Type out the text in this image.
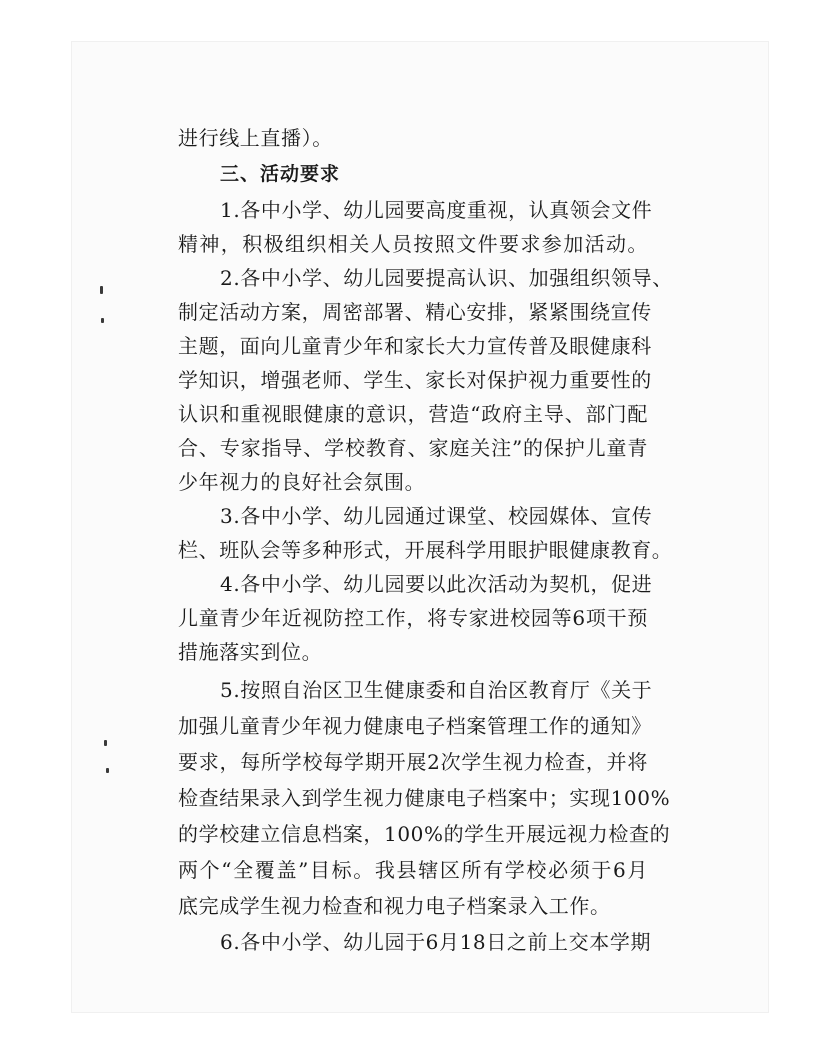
进行线上直播）。
三、活动要求
1.各中小学、幼儿园要高度重视，认真领会文件
精神，积极组织相关人员按照文件要求参加活动。
2.各中小学、幼儿园要提高认识、加强组织领导、
制定活动方案，周密部署、精心安排，紧紧围绕宣传
主题，面向儿童青少年和家长大力宣传普及眼健康科
学知识，增强老师、学生、家长对保护视力重要性的
认识和重视眼健康的意识，营造“政府主导、部门配
合、专家指导、学校教育、家庭关注”的保护儿童青
少年视力的良好社会氛围。
3.各中小学、幼儿园通过课堂、校园媒体、宣传
栏、班队会等多种形式，开展科学用眼护眼健康教育。
4.各中小学、幼儿园要以此次活动为契机，促进
儿童青少年近视防控工作，将专家进校园等6项干预
措施落实到位。
5.按照自治区卫生健康委和自治区教育厅《关于
加强儿童青少年视力健康电子档案管理工作的通知》
要求，每所学校每学期开展2次学生视力检查，并将
检查结果录入到学生视力健康电子档案中；实现100%
的学校建立信息档案，100%的学生开展远视力检查的
两个“全覆盖”目标。我县辖区所有学校必须于6月
底完成学生视力检查和视力电子档案录入工作。
6.各中小学、幼儿园于6月18日之前上交本学期
